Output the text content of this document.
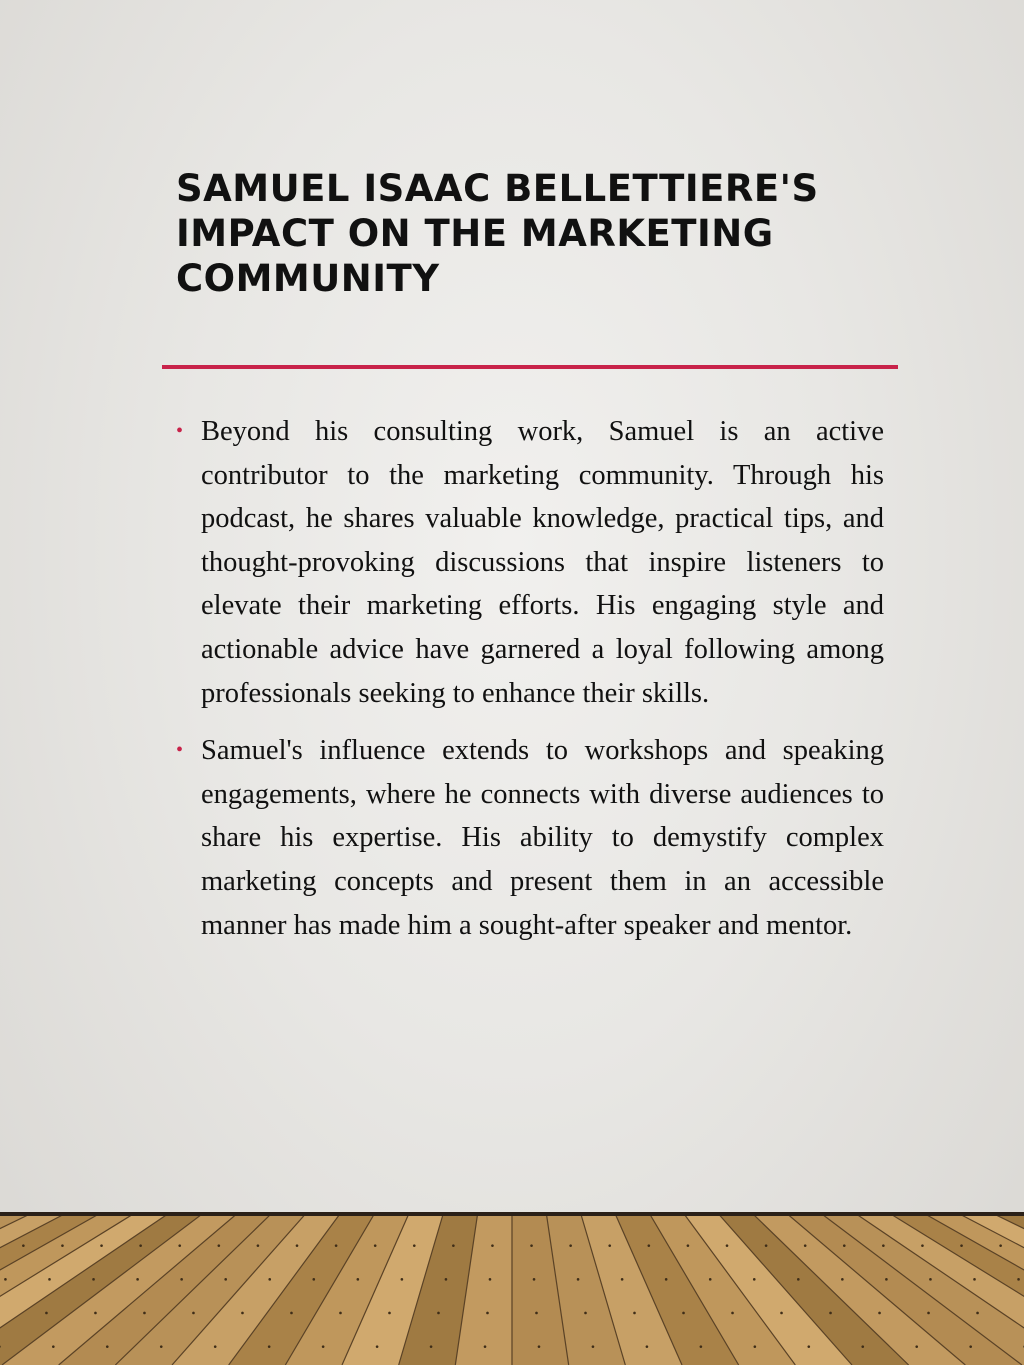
SAMUEL ISAAC BELLETTIERE'S
IMPACT ON THE MARKETING
COMMUNITY
• Beyond his consulting work, Samuel is an active contributor to the marketing community. Through his podcast, he shares valuable knowledge, practical tips, and thought-provoking discussions that inspire listeners to elevate their marketing efforts. His engaging style and actionable advice have garnered a loyal following among professionals seeking to enhance their skills.
• Samuel's influence extends to workshops and speaking engagements, where he connects with diverse audiences to share his expertise. His ability to demystify complex marketing concepts and present them in an accessible manner has made him a sought-after speaker and mentor.
